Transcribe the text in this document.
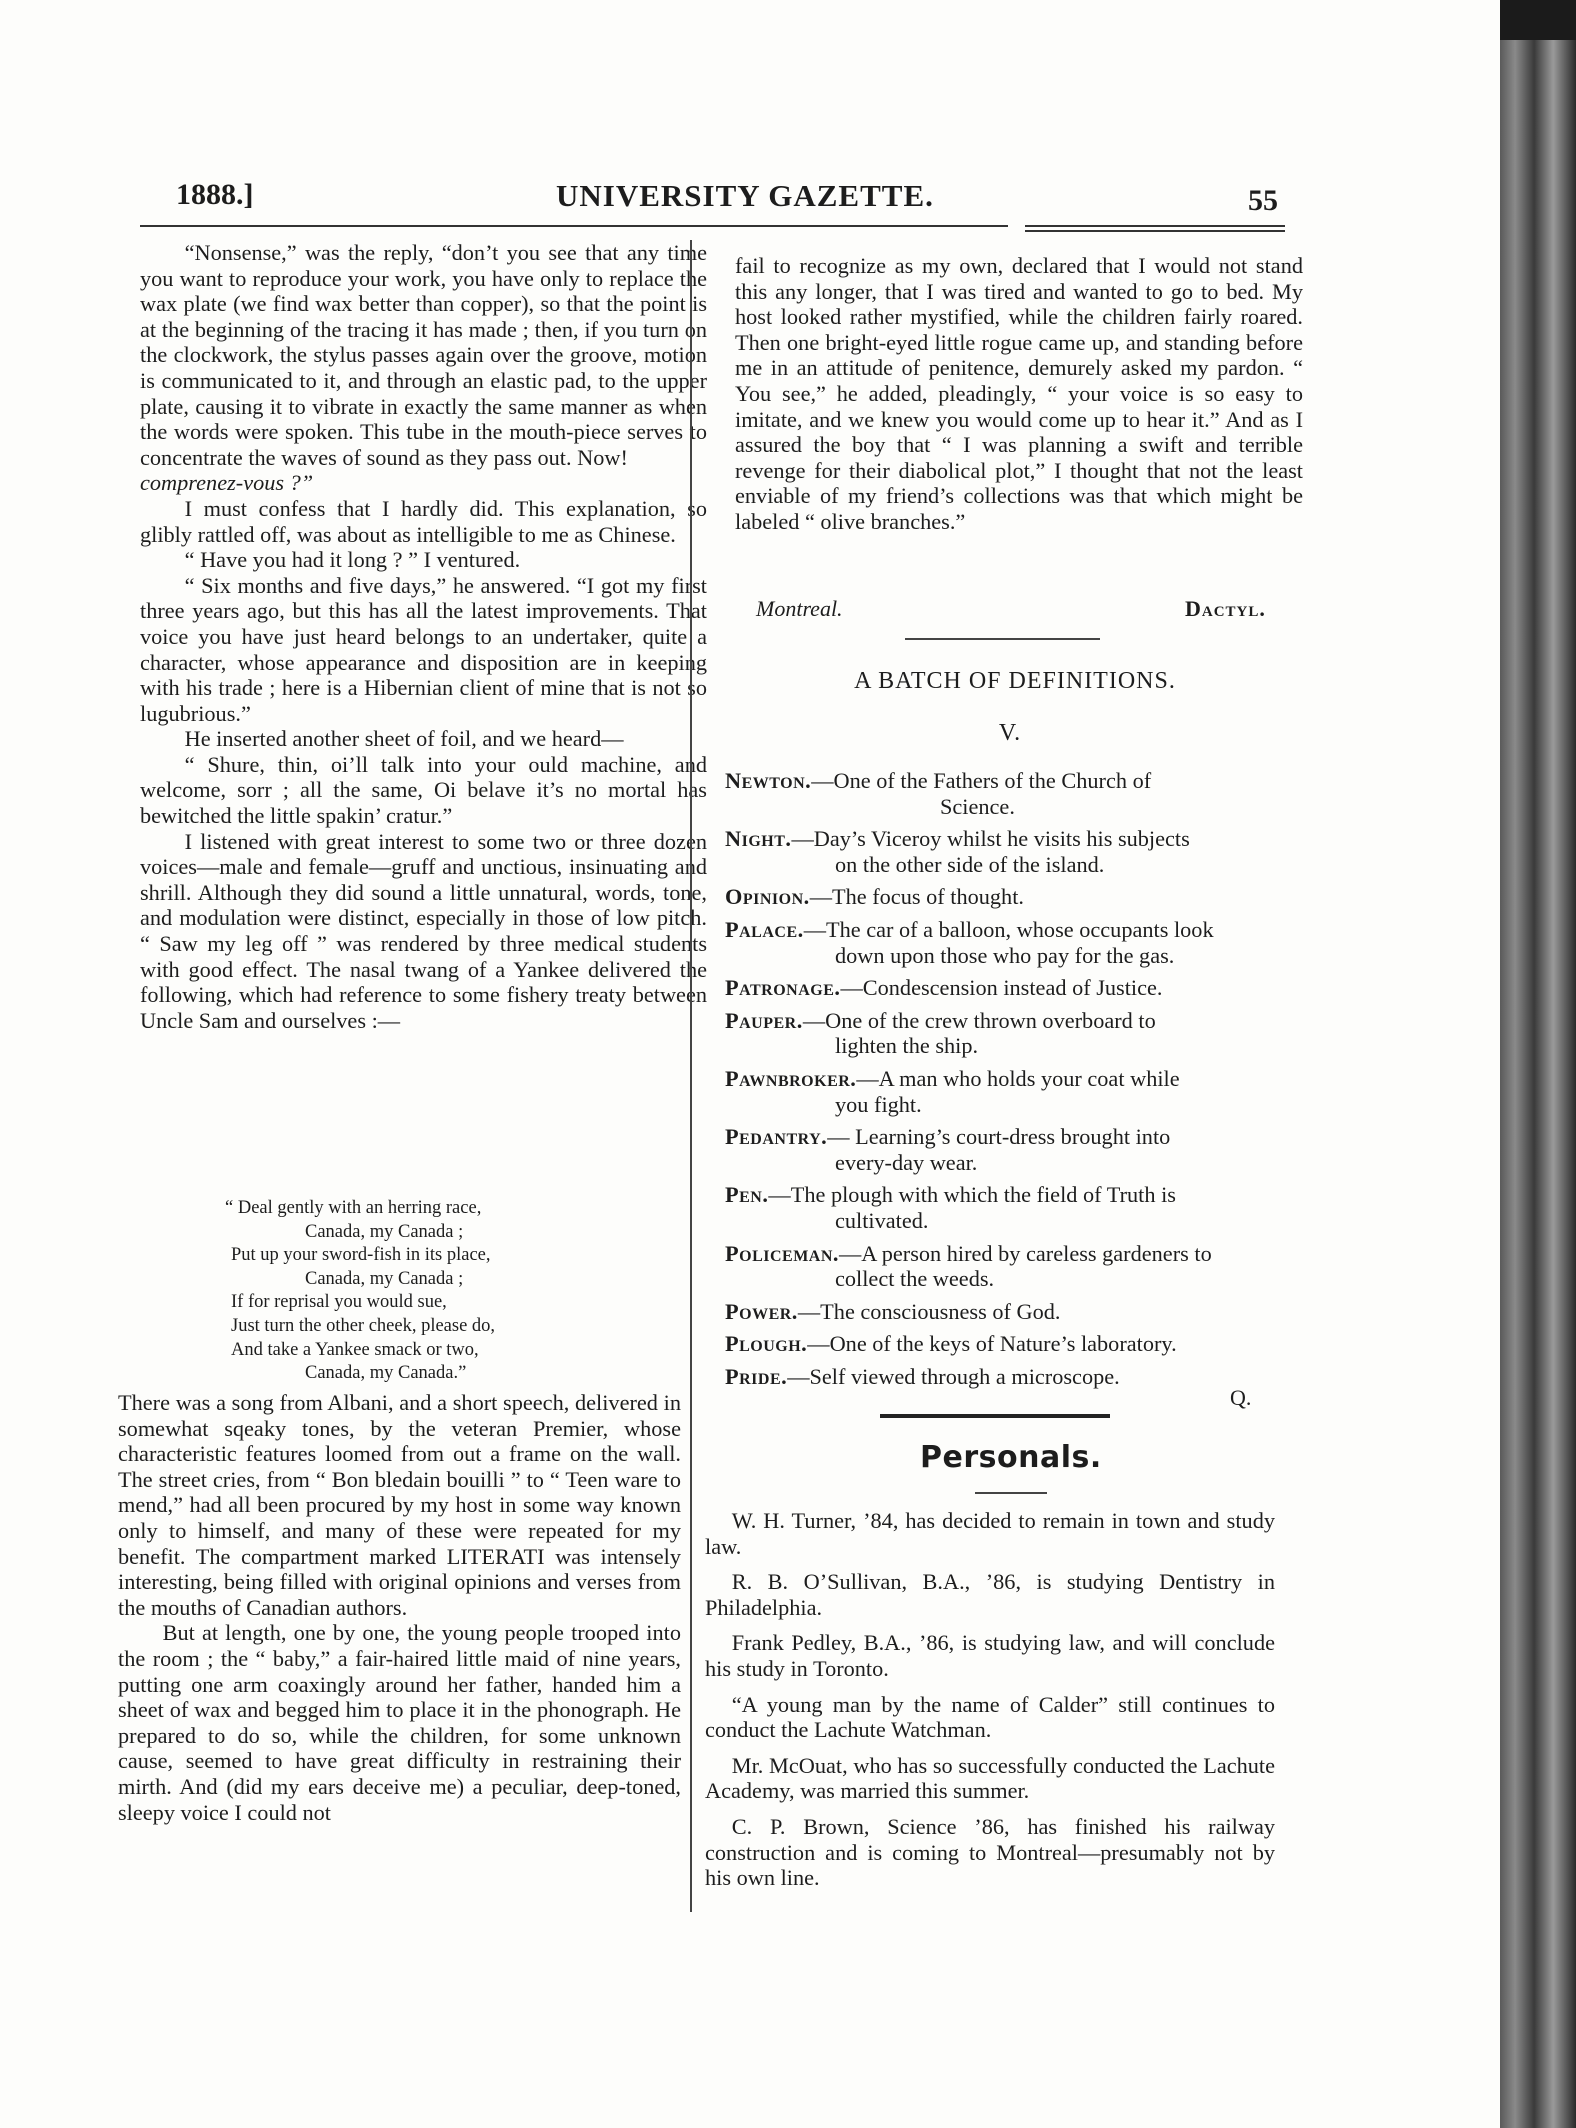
1888.]	UNIVERSITY GAZETTE.	55

“Nonsense,” was the reply, “don’t you see that any time you want to reproduce your work, you have only to replace the wax plate (we find wax better than copper), so that the point is at the beginning of the tracing it has made ; then, if you turn on the clockwork, the stylus passes again over the groove, motion is communicated to it, and through an elastic pad, to the upper plate, causing it to vibrate in exactly the same manner as when the words were spoken. This tube in the mouth-piece serves to concentrate the waves of sound as they pass out. Now!

comprenez-vous ?”

I must confess that I hardly did. This explanation, so glibly rattled off, was about as intelligible to me as Chinese.

“ Have you had it long ? ” I ventured.

“ Six months and five days,” he answered. “I got my first three years ago, but this has all the latest improvements. That voice you have just heard belongs to an undertaker, quite a character, whose appearance and disposition are in keeping with his trade ; here is a Hibernian client of mine that is not so lugubrious.”

He inserted another sheet of foil, and we heard—

“ Shure, thin, oi’ll talk into your ould machine, and welcome, sorr ; all the same, Oi belave it’s no mortal has bewitched the little spakin’ cratur.”

I listened with great interest to some two or three dozen voices—male and female—gruff and unctious, insinuating and shrill. Although they did sound a little unnatural, words, tone, and modulation were distinct, especially in those of low pitch. “ Saw my leg off ” was rendered by three medical students with good effect. The nasal twang of a Yankee delivered the following, which had reference to some fishery treaty between Uncle Sam and ourselves :—

“ Deal gently with an herring race,
Canada, my Canada ;
Put up your sword-fish in its place,
Canada, my Canada ;
If for reprisal you would sue,
Just turn the other cheek, please do,
And take a Yankee smack or two,
Canada, my Canada.”

There was a song from Albani, and a short speech, delivered in somewhat sqeaky tones, by the veteran Premier, whose characteristic features loomed from out a frame on the wall. The street cries, from “ Bon bledain bouilli ” to “ Teen ware to mend,” had all been procured by my host in some way known only to himself, and many of these were repeated for my benefit. The compartment marked LITERATI was intensely interesting, being filled with original opinions and verses from the mouths of Canadian authors.

But at length, one by one, the young people trooped into the room ; the “ baby,” a fair-haired little maid of nine years, putting one arm coaxingly around her father, handed him a sheet of wax and begged him to place it in the phonograph. He prepared to do so, while the children, for some unknown cause, seemed to have great difficulty in restraining their mirth. And (did my ears deceive me) a peculiar, deep-toned, sleepy voice I could not

fail to recognize as my own, declared that I would not stand this any longer, that I was tired and wanted to go to bed. My host looked rather mystified, while the children fairly roared. Then one bright-eyed little rogue came up, and standing before me in an attitude of penitence, demurely asked my pardon. “ You see,” he added, pleadingly, “ your voice is so easy to imitate, and we knew you would come up to hear it.” And as I assured the boy that “ I was planning a swift and terrible revenge for their diabolical plot,” I thought that not the least enviable of my friend’s collections was that which might be labeled “ olive branches.”

Montreal.	Dactyl.
A BATCH OF DEFINITIONS.
V.
Newton.—One of the Fathers of the Church of
Science.
Night.—Day’s Viceroy whilst he visits his subjects
on the other side of the island.
Opinion.—The focus of thought.
Palace.—The car of a balloon, whose occupants look
down upon those who pay for the gas.
Patronage.—Condescension instead of Justice.
Pauper.—One of the crew thrown overboard to
lighten the ship.
Pawnbroker.—A man who holds your coat while
you fight.
Pedantry.— Learning’s court-dress brought into
every-day wear.
Pen.—The plough with which the field of Truth is
cultivated.
Policeman.—A person hired by careless gardeners to
collect the weeds.
Power.—The consciousness of God.
Plough.—One of the keys of Nature’s laboratory.
Pride.—Self viewed through a microscope.
Q.
Personals.

W. H. Turner, ’84, has decided to remain in town and study law.

R. B. O’Sullivan, B.A., ’86, is studying Dentistry in Philadelphia.

Frank Pedley, B.A., ’86, is studying law, and will conclude his study in Toronto.

“A young man by the name of Calder” still continues to conduct the Lachute Watchman.

Mr. McOuat, who has so successfully conducted the Lachute Academy, was married this summer.

C. P. Brown, Science ’86, has finished his railway construction and is coming to Montreal—presumably not by his own line.
